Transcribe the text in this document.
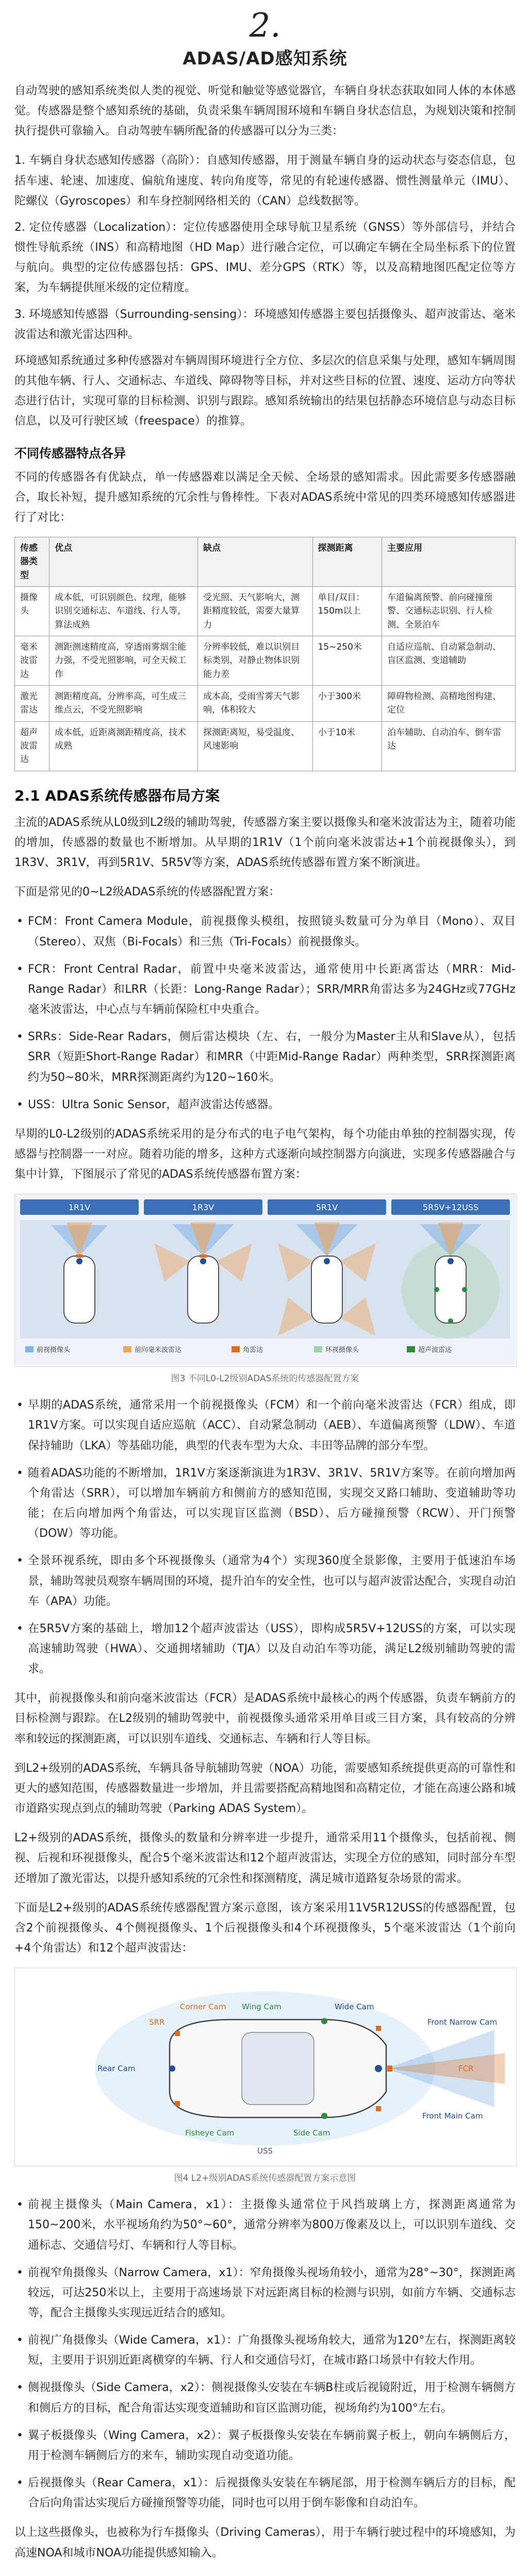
2.
ADAS/AD感知系统

自动驾驶的感知系统类似人类的视觉、听觉和触觉等感觉器官，车辆自身状态获取如同人体的本体感觉。传感器是整个感知系统的基础，负责采集车辆周围环境和车辆自身状态信息，为规划决策和控制执行提供可靠输入。自动驾驶车辆所配备的传感器可以分为三类：

1. 车辆自身状态感知传感器（高阶）：自感知传感器，用于测量车辆自身的运动状态与姿态信息，包括车速、轮速、加速度、偏航角速度、转向角度等，常见的有轮速传感器、惯性测量单元（IMU）、陀螺仪（Gyroscopes）和车身控制网络相关的（CAN）总线数据等。

2. 定位传感器（Localization）：定位传感器使用全球导航卫星系统（GNSS）等外部信号，并结合惯性导航系统（INS）和高精地图（HD Map）进行融合定位，可以确定车辆在全局坐标系下的位置与航向。典型的定位传感器包括：GPS、IMU、差分GPS（RTK）等，以及高精地图匹配定位等方案，为车辆提供厘米级的定位精度。

3. 环境感知传感器（Surrounding-sensing）：环境感知传感器主要包括摄像头、超声波雷达、毫米波雷达和激光雷达四种。

环境感知系统通过多种传感器对车辆周围环境进行全方位、多层次的信息采集与处理，感知车辆周围的其他车辆、行人、交通标志、车道线、障碍物等目标，并对这些目标的位置、速度、运动方向等状态进行估计，实现可靠的目标检测、识别与跟踪。感知系统输出的结果包括静态环境信息与动态目标信息，以及可行驶区域（freespace）的推算。

不同传感器特点各异

不同的传感器各有优缺点，单一传感器难以满足全天候、全场景的感知需求。因此需要多传感器融合，取长补短，提升感知系统的冗余性与鲁棒性。下表对ADAS系统中常见的四类环境感知传感器进行了对比：

传感器类型	优点	缺点	探测距离	主要应用
摄像头	成本低，可识别颜色、纹理，能够识别交通标志、车道线、行人等，算法成熟	受光照、天气影响大，测距精度较低，需要大量算力	单目/双目：150m以上	车道偏离预警、前向碰撞预警、交通标志识别、行人检测、全景泊车
毫米波雷达	测距测速精度高，穿透雨雾烟尘能力强，不受光照影响，可全天候工作	分辨率较低，难以识别目标类别，对静止物体识别能力差	15~250米	自适应巡航、自动紧急制动、盲区监测、变道辅助
激光雷达	测距精度高，分辨率高，可生成三维点云，不受光照影响	成本高，受雨雪雾天气影响，体积较大	小于300米	障碍物检测、高精地图构建、定位
超声波雷达	成本低，近距离测距精度高，技术成熟	探测距离短，易受温度、风速影响	小于10米	泊车辅助、自动泊车、倒车雷达
2.1 ADAS系统传感器布局方案

主流的ADAS系统从L0级到L2级的辅助驾驶，传感器方案主要以摄像头和毫米波雷达为主，随着功能的增加，传感器的数量也不断增加。从早期的1R1V（1个前向毫米波雷达+1个前视摄像头），到1R3V、3R1V，再到5R1V、5R5V等方案，ADAS系统传感器布置方案不断演进。

下面是常见的0~L2级ADAS系统的传感器配置方案：

• FCM：Front Camera Module，前视摄像头模组，按照镜头数量可分为单目（Mono）、双目（Stereo）、双焦（Bi-Focals）和三焦（Tri-Focals）前视摄像头。
• FCR：Front Central Radar，前置中央毫米波雷达，通常使用中长距离雷达（MRR：Mid-Range Radar）和LRR（长距：Long-Range Radar）；SRR/MRR角雷达多为24GHz或77GHz毫米波雷达，中心点与车辆前保险杠中央重合。
• SRRs：Side-Rear Radars，侧后雷达模块（左、右，一般分为Master主从和Slave从），包括SRR（短距Short-Range Radar）和MRR（中距Mid-Range Radar）两种类型，SRR探测距离约为50~80米，MRR探测距离约为120~160米。
• USS：Ultra Sonic Sensor，超声波雷达传感器。

早期的L0-L2级别的ADAS系统采用的是分布式的电子电气架构，每个功能由单独的控制器实现，传感器与控制器一一对应。随着功能的增多，这种方式逐渐向域控制器方向演进，实现多传感器融合与集中计算，下图展示了常见的ADAS系统传感器布置方案：

1R1V	1R3V	5R1V	5R5V+12USS
前视摄像头	前向毫米波雷达	角雷达	环视摄像头	超声波雷达
图3 不同L0-L2级别ADAS系统的传感器配置方案
• 早期的ADAS系统，通常采用一个前视摄像头（FCM）和一个前向毫米波雷达（FCR）组成，即1R1V方案。可以实现自适应巡航（ACC）、自动紧急制动（AEB）、车道偏离预警（LDW）、车道保持辅助（LKA）等基础功能，典型的代表车型为大众、丰田等品牌的部分车型。
• 随着ADAS功能的不断增加，1R1V方案逐渐演进为1R3V、3R1V、5R1V方案等。在前向增加两个角雷达（SRR），可以增加车辆前方和侧前方的感知范围，实现交叉路口辅助、变道辅助等功能；在后向增加两个角雷达，可以实现盲区监测（BSD）、后方碰撞预警（RCW）、开门预警（DOW）等功能。
• 全景环视系统，即由多个环视摄像头（通常为4个）实现360度全景影像，主要用于低速泊车场景，辅助驾驶员观察车辆周围的环境，提升泊车的安全性，也可以与超声波雷达配合，实现自动泊车（APA）功能。
• 在5R5V方案的基础上，增加12个超声波雷达（USS），即构成5R5V+12USS的方案，可以实现高速辅助驾驶（HWA）、交通拥堵辅助（TJA）以及自动泊车等功能，满足L2级别辅助驾驶的需求。

其中，前视摄像头和前向毫米波雷达（FCR）是ADAS系统中最核心的两个传感器，负责车辆前方的目标检测与跟踪。在L2级别的辅助驾驶中，前视摄像头通常采用单目或三目方案，具有较高的分辨率和较远的探测距离，可以识别车道线、交通标志、车辆和行人等目标。

到L2+级别的ADAS系统，车辆具备导航辅助驾驶（NOA）功能，需要感知系统提供更高的可靠性和更大的感知范围，传感器数量进一步增加，并且需要搭配高精地图和高精定位，才能在高速公路和城市道路实现点到点的辅助驾驶（Parking ADAS System）。

L2+级别的ADAS系统，摄像头的数量和分辨率进一步提升，通常采用11个摄像头，包括前视、侧视、后视和环视摄像头，配合5个毫米波雷达和12个超声波雷达，实现全方位的感知，同时部分车型还增加了激光雷达，以提升感知系统的冗余性和探测精度，满足城市道路复杂场景的需求。

下面是L2+级别的ADAS系统传感器配置方案示意图，该方案采用11V5R12USS的传感器配置，包含2个前视摄像头、4个侧视摄像头、1个后视摄像头和4个环视摄像头，5个毫米波雷达（1个前向+4个角雷达）和12个超声波雷达：

Front Narrow Cam
Front Main Cam
Wide Cam
Side Cam
Wing Cam
Corner Cam
Rear Cam
Fisheye Cam
FCR
SRR
USS
图4 L2+级别ADAS系统传感器配置方案示意图
• 前视主摄像头（Main Camera，x1）：主摄像头通常位于风挡玻璃上方，探测距离通常为150~200米，水平视场角约为50°~60°，通常分辨率为800万像素及以上，可以识别车道线、交通标志、交通信号灯、车辆和行人等目标。
• 前视窄角摄像头（Narrow Camera，x1）：窄角摄像头视场角较小，通常为28°~30°，探测距离较远，可达250米以上，主要用于高速场景下对远距离目标的检测与识别，如前方车辆、交通标志等，配合主摄像头实现远近结合的感知。
• 前视广角摄像头（Wide Camera，x1）：广角摄像头视场角较大，通常为120°左右，探测距离较短，主要用于识别近距离横穿的车辆、行人和交通信号灯，在城市路口场景中有较大作用。
• 侧视摄像头（Side Camera，x2）：侧视摄像头安装在车辆B柱或后视镜附近，用于检测车辆侧方和侧后方的目标，配合角雷达实现变道辅助和盲区监测功能，视场角约为100°左右。
• 翼子板摄像头（Wing Camera，x2）：翼子板摄像头安装在车辆前翼子板上，朝向车辆侧后方，用于检测车辆侧后方的来车，辅助实现自动变道功能。
• 后视摄像头（Rear Camera，x1）：后视摄像头安装在车辆尾部，用于检测车辆后方的目标，配合后向角雷达实现后方碰撞预警等功能，同时也可以用于倒车影像和自动泊车。

以上这些摄像头，也被称为行车摄像头（Driving Cameras），用于车辆行驶过程中的环境感知，为高速NOA和城市NOA功能提供感知输入。

•
